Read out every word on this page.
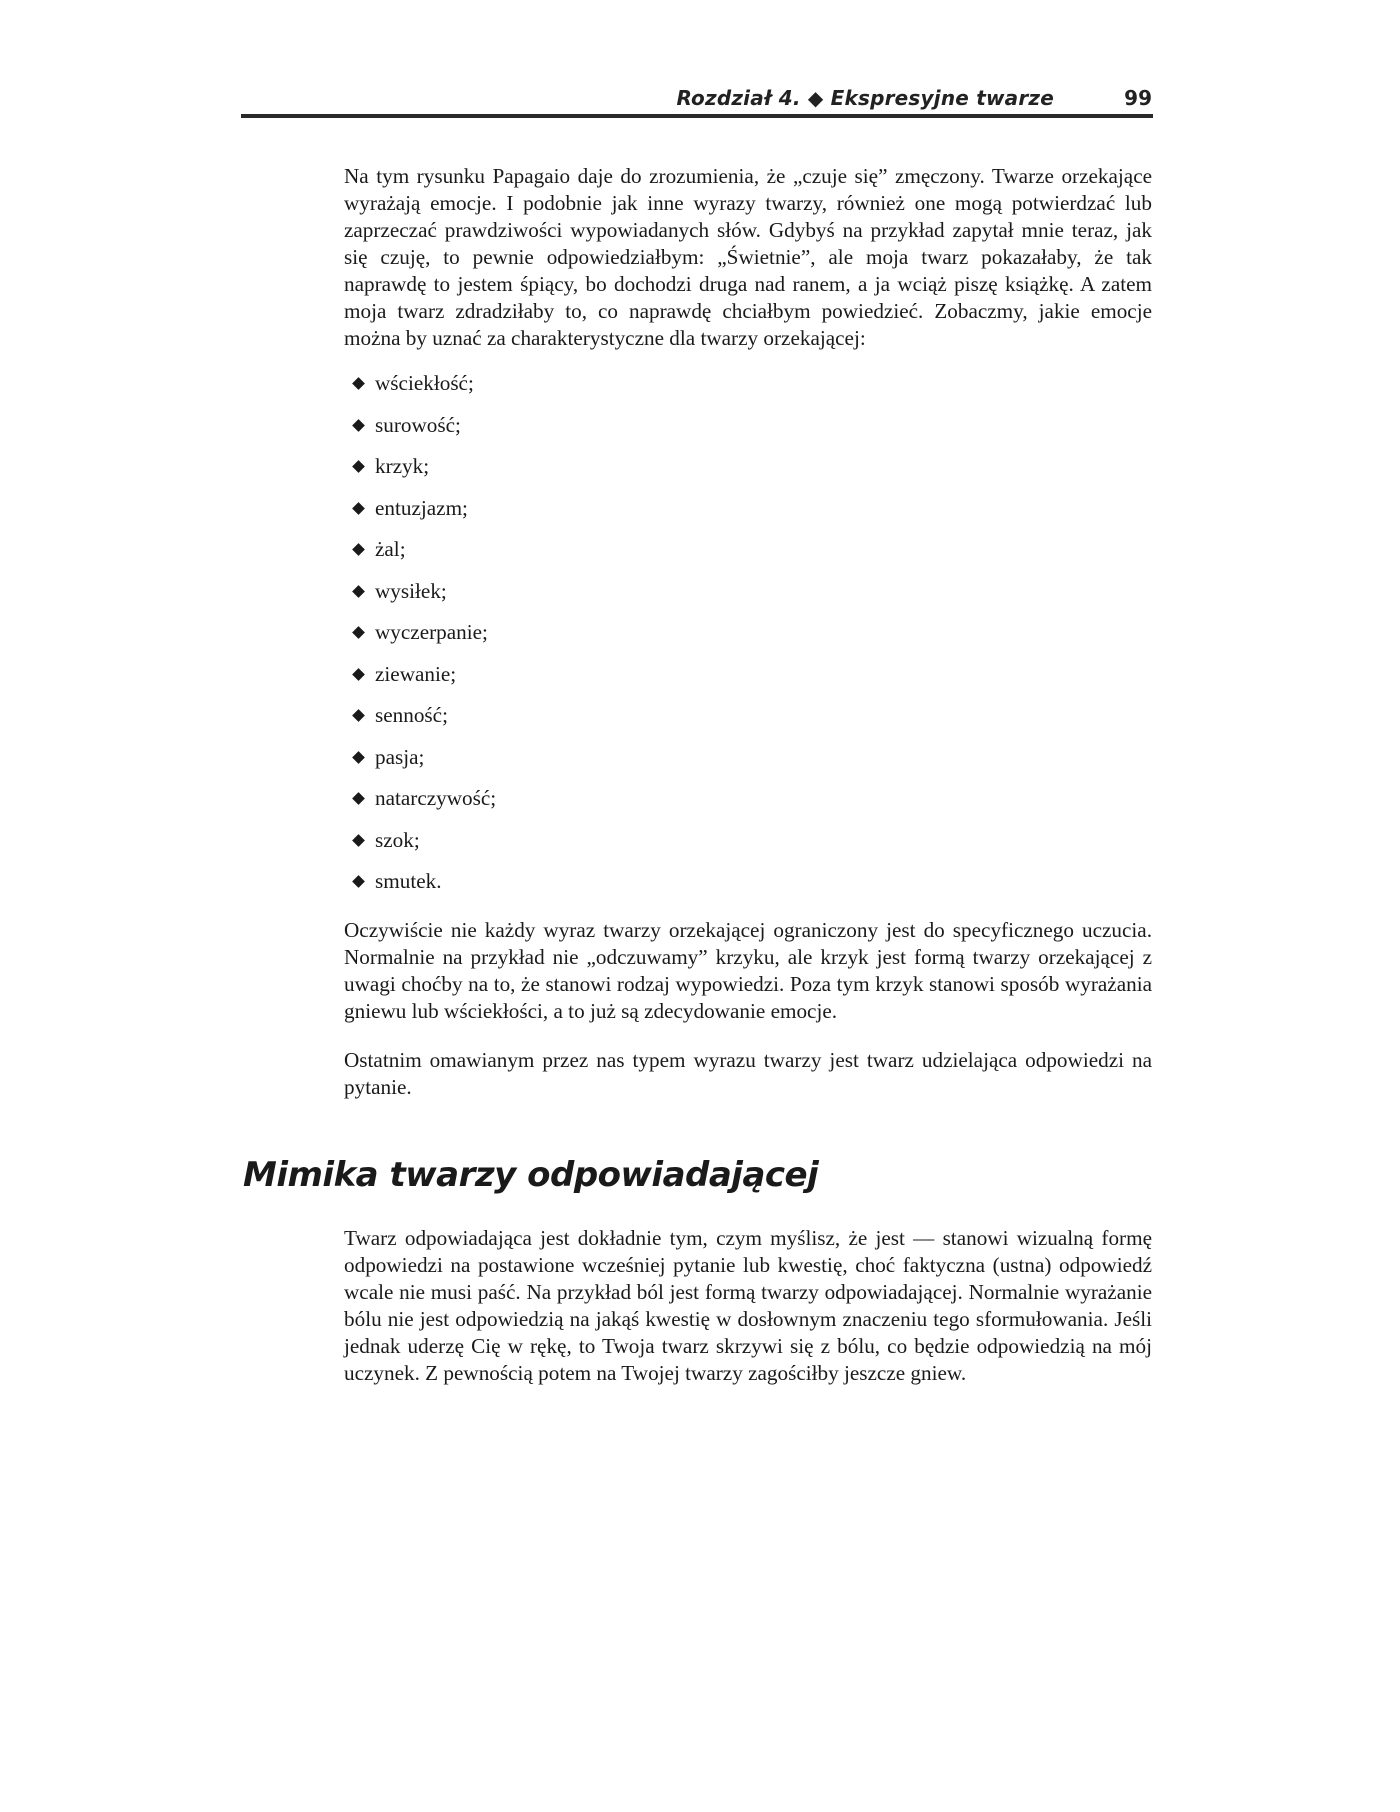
Rozdział 4. ◆ Ekspresyjne twarze	99

Na tym rysunku Papagaio daje do zrozumienia, że „czuje się” zmęczony. Twarze orzekające wyrażają emocje. I podobnie jak inne wyrazy twarzy, również one mogą potwierdzać lub zaprzeczać prawdziwości wypowiadanych słów. Gdybyś na przykład zapytał mnie teraz, jak się czuję, to pewnie odpowiedziałbym: „Świetnie”, ale moja twarz pokazałaby, że tak naprawdę to jestem śpiący, bo dochodzi druga nad ranem, a ja wciąż piszę książkę. A zatem moja twarz zdradziłaby to, co naprawdę chciałbym powiedzieć. Zobaczmy, jakie emocje można by uznać za charakterystyczne dla twarzy orzekającej:

wściekłość;
surowość;
krzyk;
entuzjazm;
żal;
wysiłek;
wyczerpanie;
ziewanie;
senność;
pasja;
natarczywość;
szok;
smutek.

Oczywiście nie każdy wyraz twarzy orzekającej ograniczony jest do specyficznego uczucia. Normalnie na przykład nie „odczuwamy” krzyku, ale krzyk jest formą twarzy orzekającej z uwagi choćby na to, że stanowi rodzaj wypowiedzi. Poza tym krzyk stanowi sposób wyrażania gniewu lub wściekłości, a to już są zdecydowanie emocje.

Ostatnim omawianym przez nas typem wyrazu twarzy jest twarz udzielająca odpowiedzi na pytanie.

Mimika twarzy odpowiadającej

Twarz odpowiadająca jest dokładnie tym, czym myślisz, że jest — stanowi wizualną formę odpowiedzi na postawione wcześniej pytanie lub kwestię, choć faktyczna (ustna) odpowiedź wcale nie musi paść. Na przykład ból jest formą twarzy odpowiadającej. Normalnie wyrażanie bólu nie jest odpowiedzią na jakąś kwestię w dosłownym znaczeniu tego sformułowania. Jeśli jednak uderzę Cię w rękę, to Twoja twarz skrzywi się z bólu, co będzie odpowiedzią na mój uczynek. Z pewnością potem na Twojej twarzy zagościłby jeszcze gniew.
